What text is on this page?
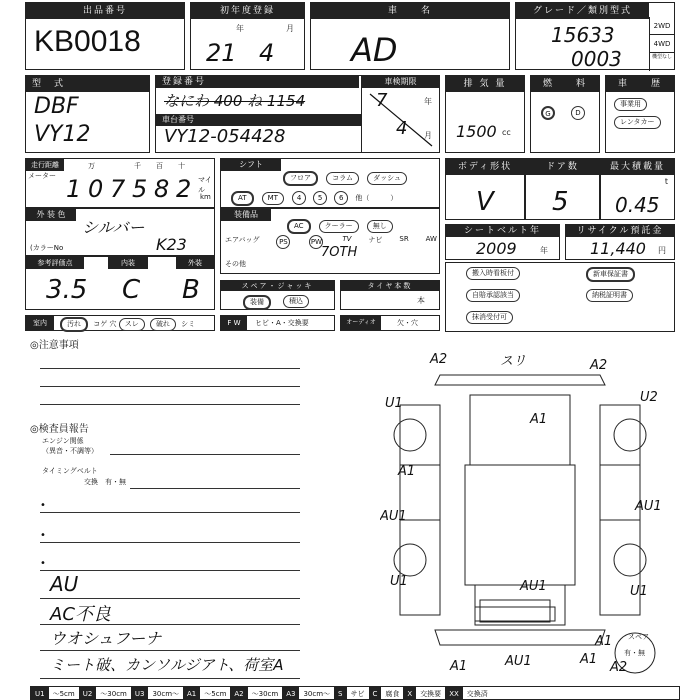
出品番号
KB0018
初年度登録
年	月
21 4
車　　名
AD
グレード／類別型式
15633
0003
2WD
4WD
機型なし
型　式
DBF
VY12
登録番号
なにわ 400 ね 1154
車台番号
VY12-054428
車検期限
7	年
4 月
排 気 量
1500 cc
燃　　料
G	D
車　　歴
事業用
レンタカー
走行距離
メーター
万	千 百 十
1 0 7 5 8 2 マイル
km
シフト
フロア	コラム	ダッシュ
AT	MT	4 5 6 他（　　　）
ボディ形状
V
ドア数
5
最大積載量
t
0.45
外 装 色
シルバー
(カラーNo	K23
装備品
AC	クーラー	無し
エアバッグ	PS	PW	TV ナビ SR AW
その他
7OTH
シートベルト年
2009	年
リサイクル預託金
11,440 円
参考評価点	内装	外装
3.5 C B	スペア・ジャッキ
装備	積込
タイヤ本数
本
搬入時看板付	新車保証書
自賠承認該当	納税証明書
抹消受付可
室内	汚れ コゲ 穴 スレ 破れ シミ	F W	ヒビ・A・交換要	オーディオ	欠・穴
◎注意事項
◎検査員報告
エンジン関係
（異音・不調等）
タイミングベルト
交換　有・無
•
•
•
AU
AC不良
ウオシュフーナ
ミート破、カンソルジアト、荷室A
A2	スリ	A2
U1	U2
A1
A1
AU1
AU1
U1
U1
AU1
A1	AU1
A1
A1
A2
スペア
有・無
U1	〜5cm	U2	〜30cm	U3	30cm〜	A1	〜5cm	A2	〜30cm	A3	30cm〜	S	サビ	C	腐食	X	交換要	XX	交換済
